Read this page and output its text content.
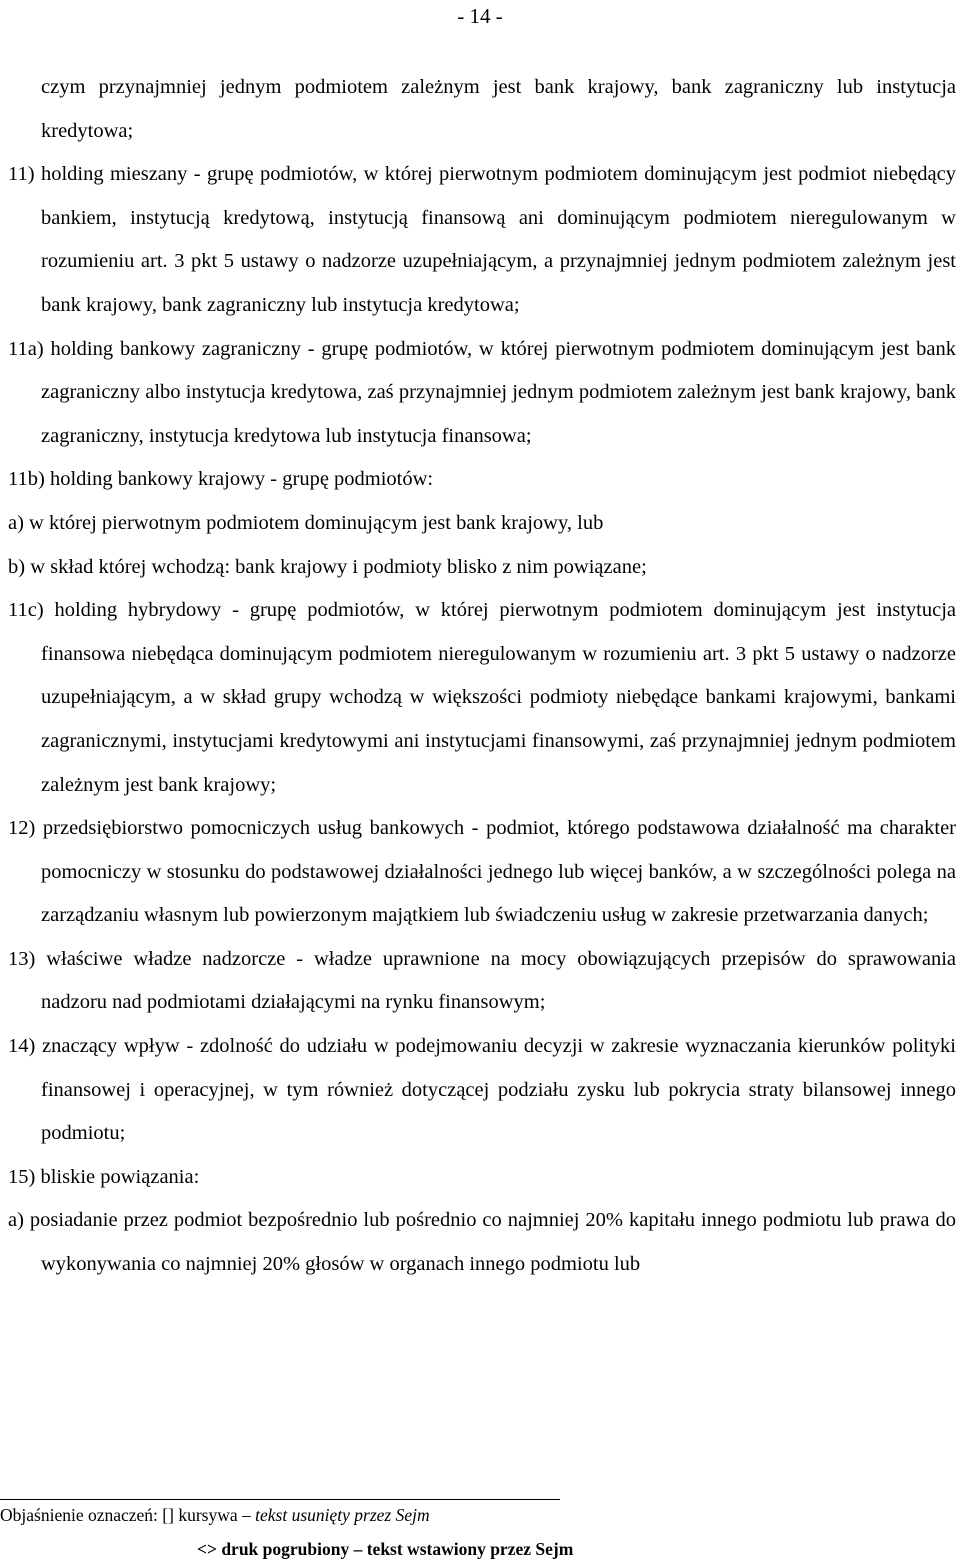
- 14 -

czym przynajmniej jednym podmiotem zależnym jest bank krajowy, bank zagraniczny lub instytucja kredytowa;

11) holding mieszany - grupę podmiotów, w której pierwotnym podmiotem dominującym jest podmiot niebędący bankiem, instytucją kredytową, instytucją finansową ani dominującym podmiotem nieregulowanym w rozumieniu art. 3 pkt 5 ustawy o nadzorze uzupełniającym, a przynajmniej jednym podmiotem zależnym jest bank krajowy, bank zagraniczny lub instytucja kredytowa;

11a) holding bankowy zagraniczny - grupę podmiotów, w której pierwotnym podmiotem dominującym jest bank zagraniczny albo instytucja kredytowa, zaś przynajmniej jednym podmiotem zależnym jest bank krajowy, bank zagraniczny, instytucja kredytowa lub instytucja finansowa;

11b) holding bankowy krajowy - grupę podmiotów:

a) w której pierwotnym podmiotem dominującym jest bank krajowy, lub

b) w skład której wchodzą: bank krajowy i podmioty blisko z nim powiązane;

11c) holding hybrydowy - grupę podmiotów, w której pierwotnym podmiotem dominującym jest instytucja finansowa niebędąca dominującym podmiotem nieregulowanym w rozumieniu art. 3 pkt 5 ustawy o nadzorze uzupełniającym, a w skład grupy wchodzą w większości podmioty niebędące bankami krajowymi, bankami zagranicznymi, instytucjami kredytowymi ani instytucjami finansowymi, zaś przynajmniej jednym podmiotem zależnym jest bank krajowy;

12) przedsiębiorstwo pomocniczych usług bankowych - podmiot, którego podstawowa działalność ma charakter pomocniczy w stosunku do podstawowej działalności jednego lub więcej banków, a w szczególności polega na zarządzaniu własnym lub powierzonym majątkiem lub świadczeniu usług w zakresie przetwarzania danych;

13) właściwe władze nadzorcze - władze uprawnione na mocy obowiązujących przepisów do sprawowania nadzoru nad podmiotami działającymi na rynku finansowym;

14) znaczący wpływ - zdolność do udziału w podejmowaniu decyzji w zakresie wyznaczania kierunków polityki finansowej i operacyjnej, w tym również dotyczącej podziału zysku lub pokrycia straty bilansowej innego podmiotu;

15) bliskie powiązania:

a) posiadanie przez podmiot bezpośrednio lub pośrednio co najmniej 20% kapitału innego podmiotu lub prawa do wykonywania co najmniej 20% głosów w organach innego podmiotu lub

Objaśnienie oznaczeń: [] kursywa – tekst usunięty przez Sejm
<> druk pogrubiony – tekst wstawiony przez Sejm
